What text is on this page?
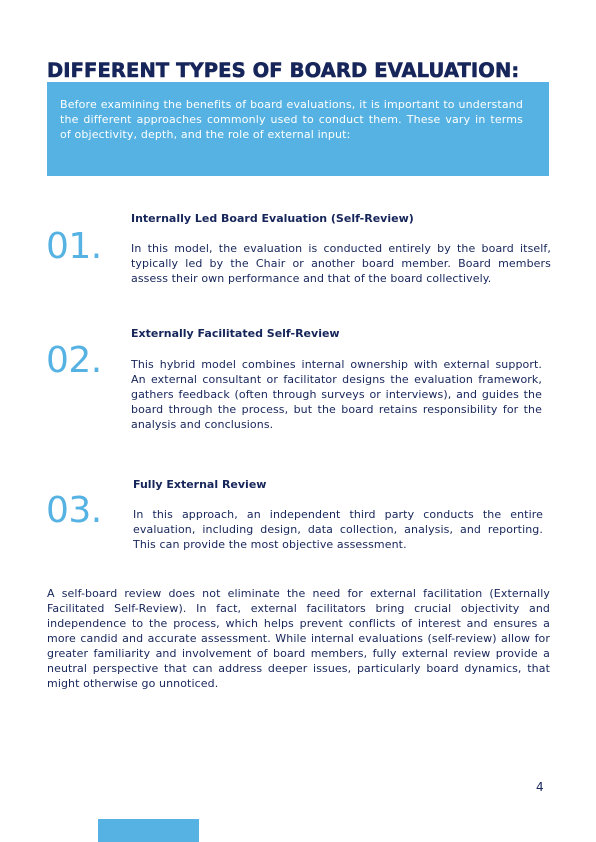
DIFFERENT TYPES OF BOARD EVALUATION:

Before examining the benefits of board evaluations, it is important to understand the different approaches commonly used to conduct them. These vary in terms of objectivity, depth, and the role of external input:

01.
Internally Led Board Evaluation (Self-Review)

In this model, the evaluation is conducted entirely by the board itself, typically led by the Chair or another board member. Board members assess their own performance and that of the board collectively.

02.
Externally Facilitated Self-Review

This hybrid model combines internal ownership with external support. An external consultant or facilitator designs the evaluation framework, gathers feedback (often through surveys or interviews), and guides the board through the process, but the board retains responsibility for the analysis and conclusions.

03.
Fully External Review

In this approach, an independent third party conducts the entire evaluation, including design, data collection, analysis, and reporting. This can provide the most objective assessment.

A self-board review does not eliminate the need for external facilitation (Externally Facilitated Self-Review). In fact, external facilitators bring crucial objectivity and independence to the process, which helps prevent conflicts of interest and ensures a more candid and accurate assessment. While internal evaluations (self-review) allow for greater familiarity and involvement of board members, fully external review provide a neutral perspective that can address deeper issues, particularly board dynamics, that might otherwise go unnoticed.

4
